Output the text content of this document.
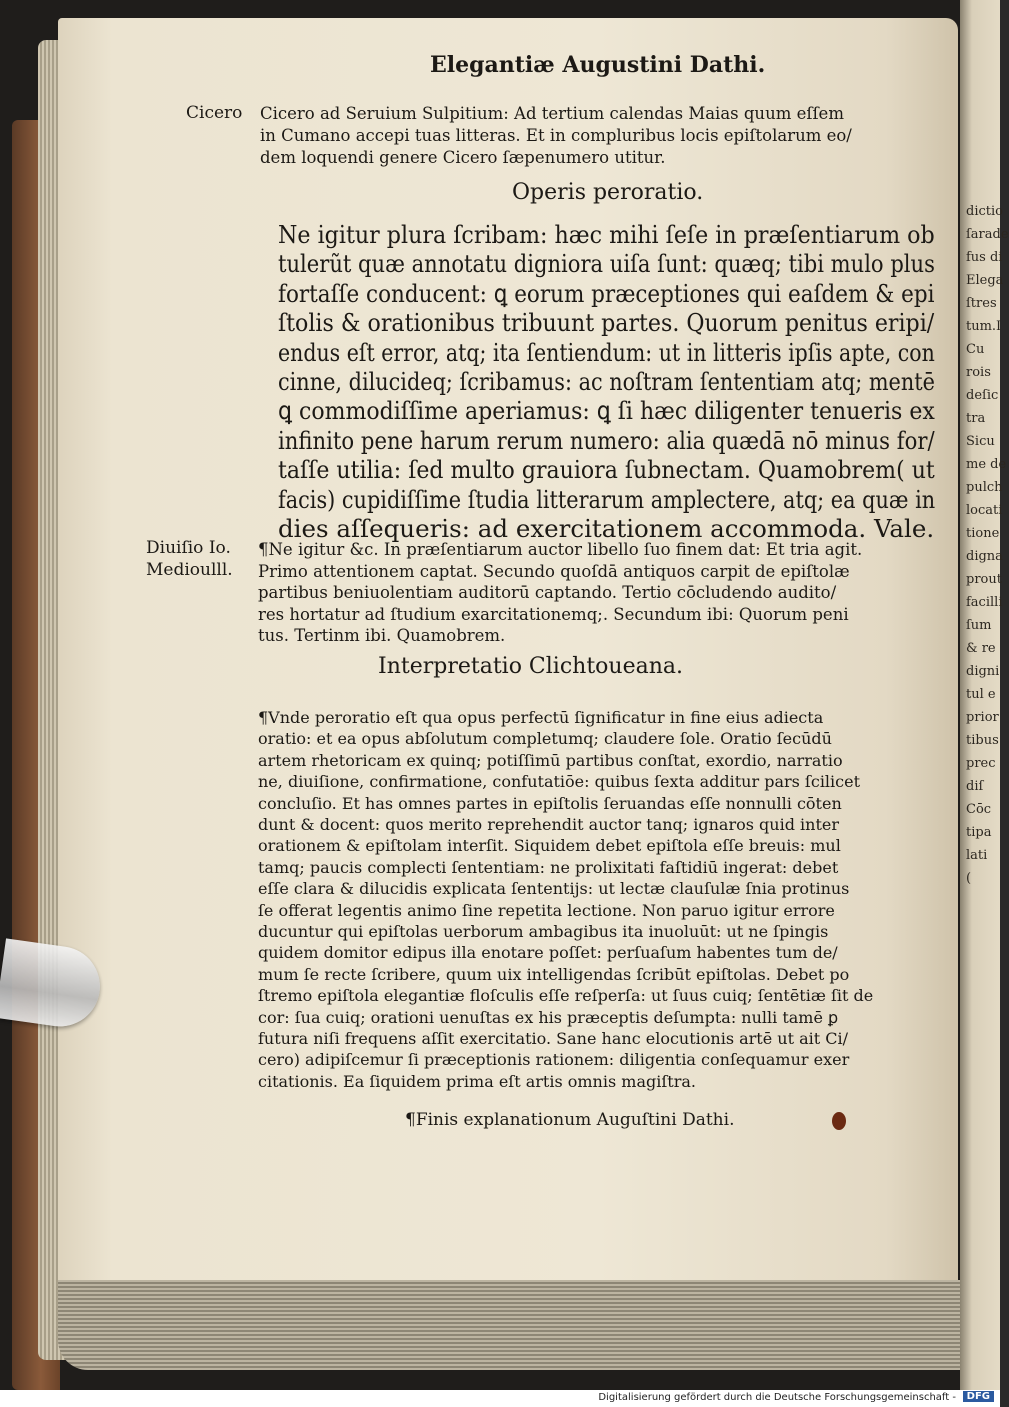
dictio
ſarade
fus di
Elega
ſtres
tum.I
Cu
rois
deſic
tra
Sicu
me de
pulch
locati
tione
digna
prout
facilli
ſum
& re
digni
tul e
prior
tibus
prec
diſ
Cōc
tipa
lati
(
Elegantiæ Augustini Dathi.
Cicero Cicero ad Seruium Sulpitium: Ad tertium calendas Maias quum eſſem
in Cumano accepi tuas litteras. Et in compluribus locis epiſtolarum eo/
dem loquendi genere Cicero ſæpenumero utitur.
Operis peroratio.
Ne igitur plura ſcribam: hæc mihi ſeſe in præſentiarum ob
tulerũt quæ annotatu digniora uiſa ſunt: quæq; tibi mulo plus
fortaſſe conducent: ꝗ eorum præceptiones qui eaſdem & epi
ſtolis & orationibus tribuunt partes. Quorum penitus eripi/
endus eſt error, atq; ita ſentiendum: ut in litteris ipſis apte, con
cinne, dilucideq; ſcribamus: ac noſtram ſententiam atq; mentē
ꝗ commodiſſime aperiamus: ꝗ ſi hæc diligenter tenueris ex
infinito pene harum rerum numero: alia quædā nō minus for/
taſſe utilia: ſed multo grauiora ſubnectam. Quamobrem( ut
facis) cupidiſſime ſtudia litterarum amplectere, atq; ea quæ in
dies aſſequeris: ad exercitationem accommoda. Vale.
Diuiſio Io.
Medioulll.
¶Ne igitur &c. In præſentiarum auctor libello ſuo finem dat: Et tria agit.
Primo attentionem captat. Secundo quoſdā antiquos carpit de epiſtolæ
partibus beniuolentiam auditorū captando. Tertio cōcludendo audito/
res hortatur ad ſtudium exarcitationemq;. Secundum ibi: Quorum peni
tus. Tertinm ibi. Quamobrem.
Interpretatio Clichtoueana.
¶Vnde peroratio eſt qua opus perfectū ſignificatur in fine eius adiecta
oratio: et ea opus abſolutum completumq; claudere ſole. Oratio ſecūdū
artem rhetoricam ex quinq; potiſſimū partibus conſtat, exordio, narratio
ne, diuiſione, confirmatione, confutatiōe: quibus ſexta additur pars ſcilicet
concluſio. Et has omnes partes in epiſtolis ſeruandas eſſe nonnulli cōten
dunt & docent: quos merito reprehendit auctor tanq; ignaros quid inter
orationem & epiſtolam interſit. Siquidem debet epiſtola eſſe breuis: mul
tamq; paucis complecti ſententiam: ne prolixitati faſtidiū ingerat: debet
eſſe clara & dilucidis explicata ſententijs: ut lectæ clauſulæ ſnia protinus
ſe offerat legentis animo ſine repetita lectione. Non paruo igitur errore
ducuntur qui epiſtolas uerborum ambagibus ita inuoluūt: ut ne ſpingis
quidem domitor edipus illa enotare poſſet: perſuaſum habentes tum de/
mum ſe recte ſcribere, quum uix intelligendas ſcribūt epiſtolas. Debet po
ſtremo epiſtola elegantiæ floſculis eſſe reſperſa: ut ſuus cuiq; ſentētiæ ſit de
cor: ſua cuiq; orationi uenuſtas ex his præceptis deſumpta: nulli tamē ꝑ
futura niſi frequens aſſit exercitatio. Sane hanc elocutionis artē ut ait Ci/
cero) adipiſcemur ſi præceptionis rationem: diligentia conſequamur exer
citationis. Ea ſiquidem prima eſt artis omnis magiſtra.
¶Finis explanationum Auguſtini Dathi.
Digitalisierung gefördert durch die Deutsche Forschungsgemeinschaft -	DFG
